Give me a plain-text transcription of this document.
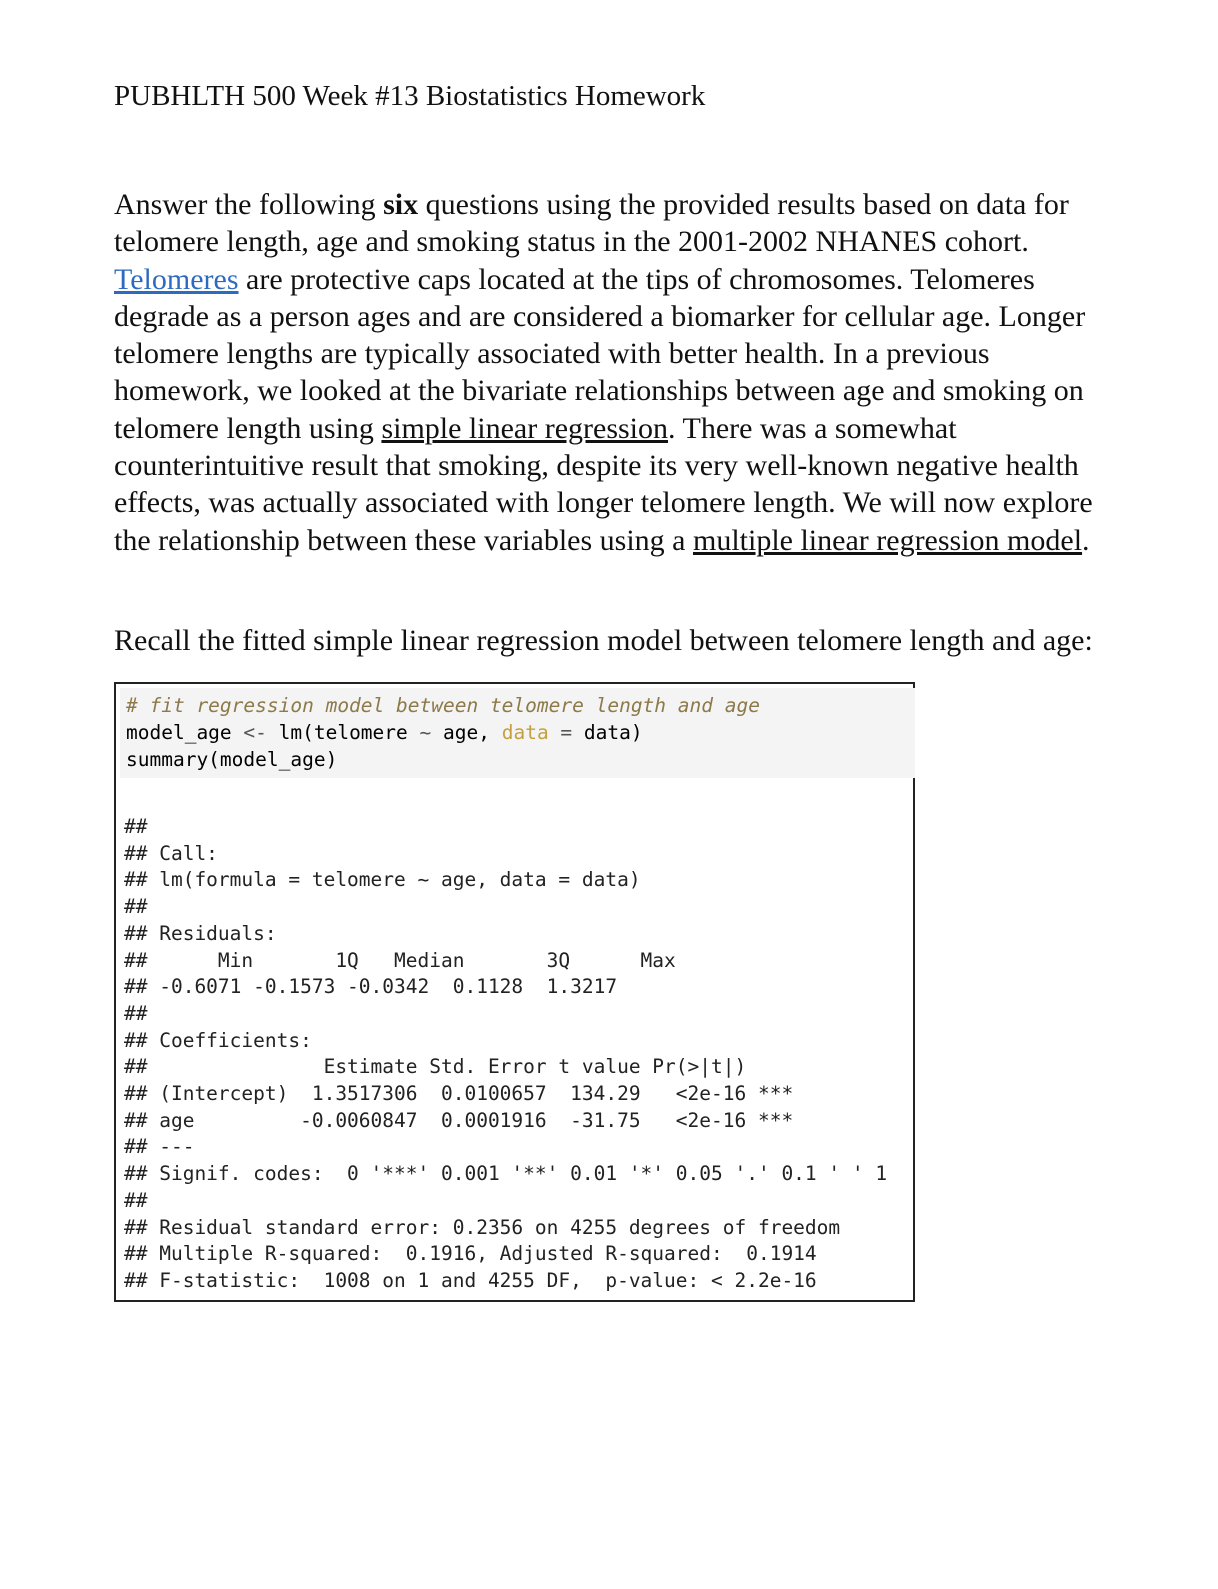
PUBHLTH 500 Week #13 Biostatistics Homework
Answer the following six questions using the provided results based on data for
telomere length, age and smoking status in the 2001-2002 NHANES cohort.
Telomeres are protective caps located at the tips of chromosomes. Telomeres
degrade as a person ages and are considered a biomarker for cellular age. Longer
telomere lengths are typically associated with better health. In a previous
homework, we looked at the bivariate relationships between age and smoking on
telomere length using simple linear regression. There was a somewhat
counterintuitive result that smoking, despite its very well-known negative health
effects, was actually associated with longer telomere length. We will now explore
the relationship between these variables using a multiple linear regression model.
Recall the fitted simple linear regression model between telomere length and age:
# fit regression model between telomere length and age
model_age <- lm(telomere ~ age, data = data)
summary(model_age)
##
## Call:
## lm(formula = telomere ~ age, data = data)
##
## Residuals:
##      Min       1Q   Median       3Q      Max
## -0.6071 -0.1573 -0.0342  0.1128  1.3217
##
## Coefficients:
##               Estimate Std. Error t value Pr(>|t|)
## (Intercept)  1.3517306  0.0100657  134.29   <2e-16 ***
## age         -0.0060847  0.0001916  -31.75   <2e-16 ***
## ---
## Signif. codes:  0 '***' 0.001 '**' 0.01 '*' 0.05 '.' 0.1 ' ' 1
##
## Residual standard error: 0.2356 on 4255 degrees of freedom
## Multiple R-squared:  0.1916, Adjusted R-squared:  0.1914
## F-statistic:  1008 on 1 and 4255 DF,  p-value: < 2.2e-16
